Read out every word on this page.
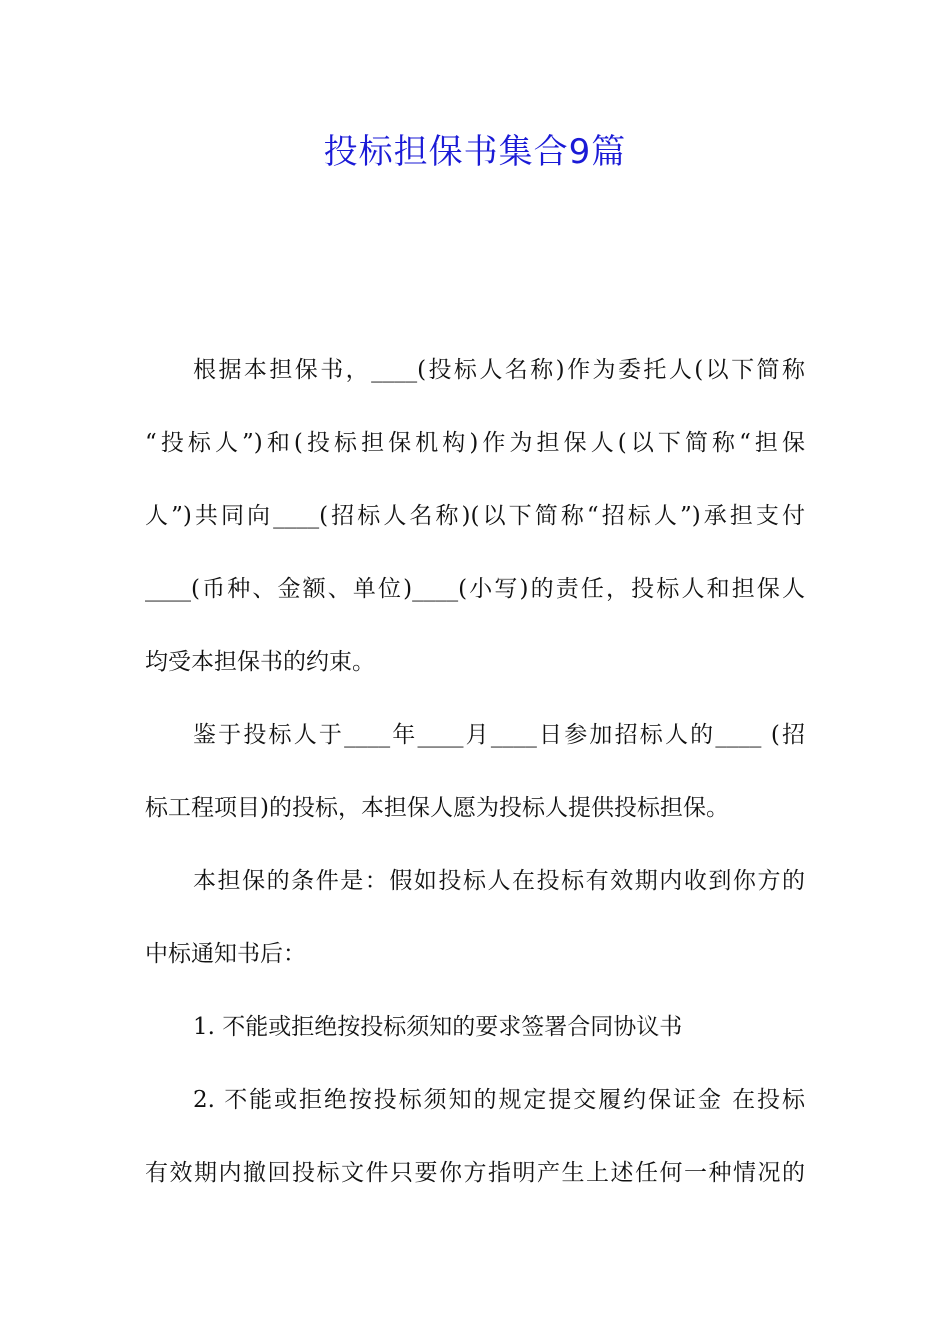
投标担保书集合9篇
根据本担保书，____(投标人名称)作为委托人(以下简称
“投标人”)和(投标担保机构)作为担保人(以下简称“担保
人”)共同向____(招标人名称)(以下简称“招标人”)承担支付
____(币种、金额、单位)____(小写)的责任，投标人和担保人
均受本担保书的约束。
鉴于投标人于____年____月____日参加招标人的____ (招
标工程项目)的投标，本担保人愿为投标人提供投标担保。
本担保的条件是：假如投标人在投标有效期内收到你方的
中标通知书后：
1. 不能或拒绝按投标须知的要求签署合同协议书
2. 不能或拒绝按投标须知的规定提交履约保证金 在投标
有效期内撤回投标文件只要你方指明产生上述任何一种情况的
